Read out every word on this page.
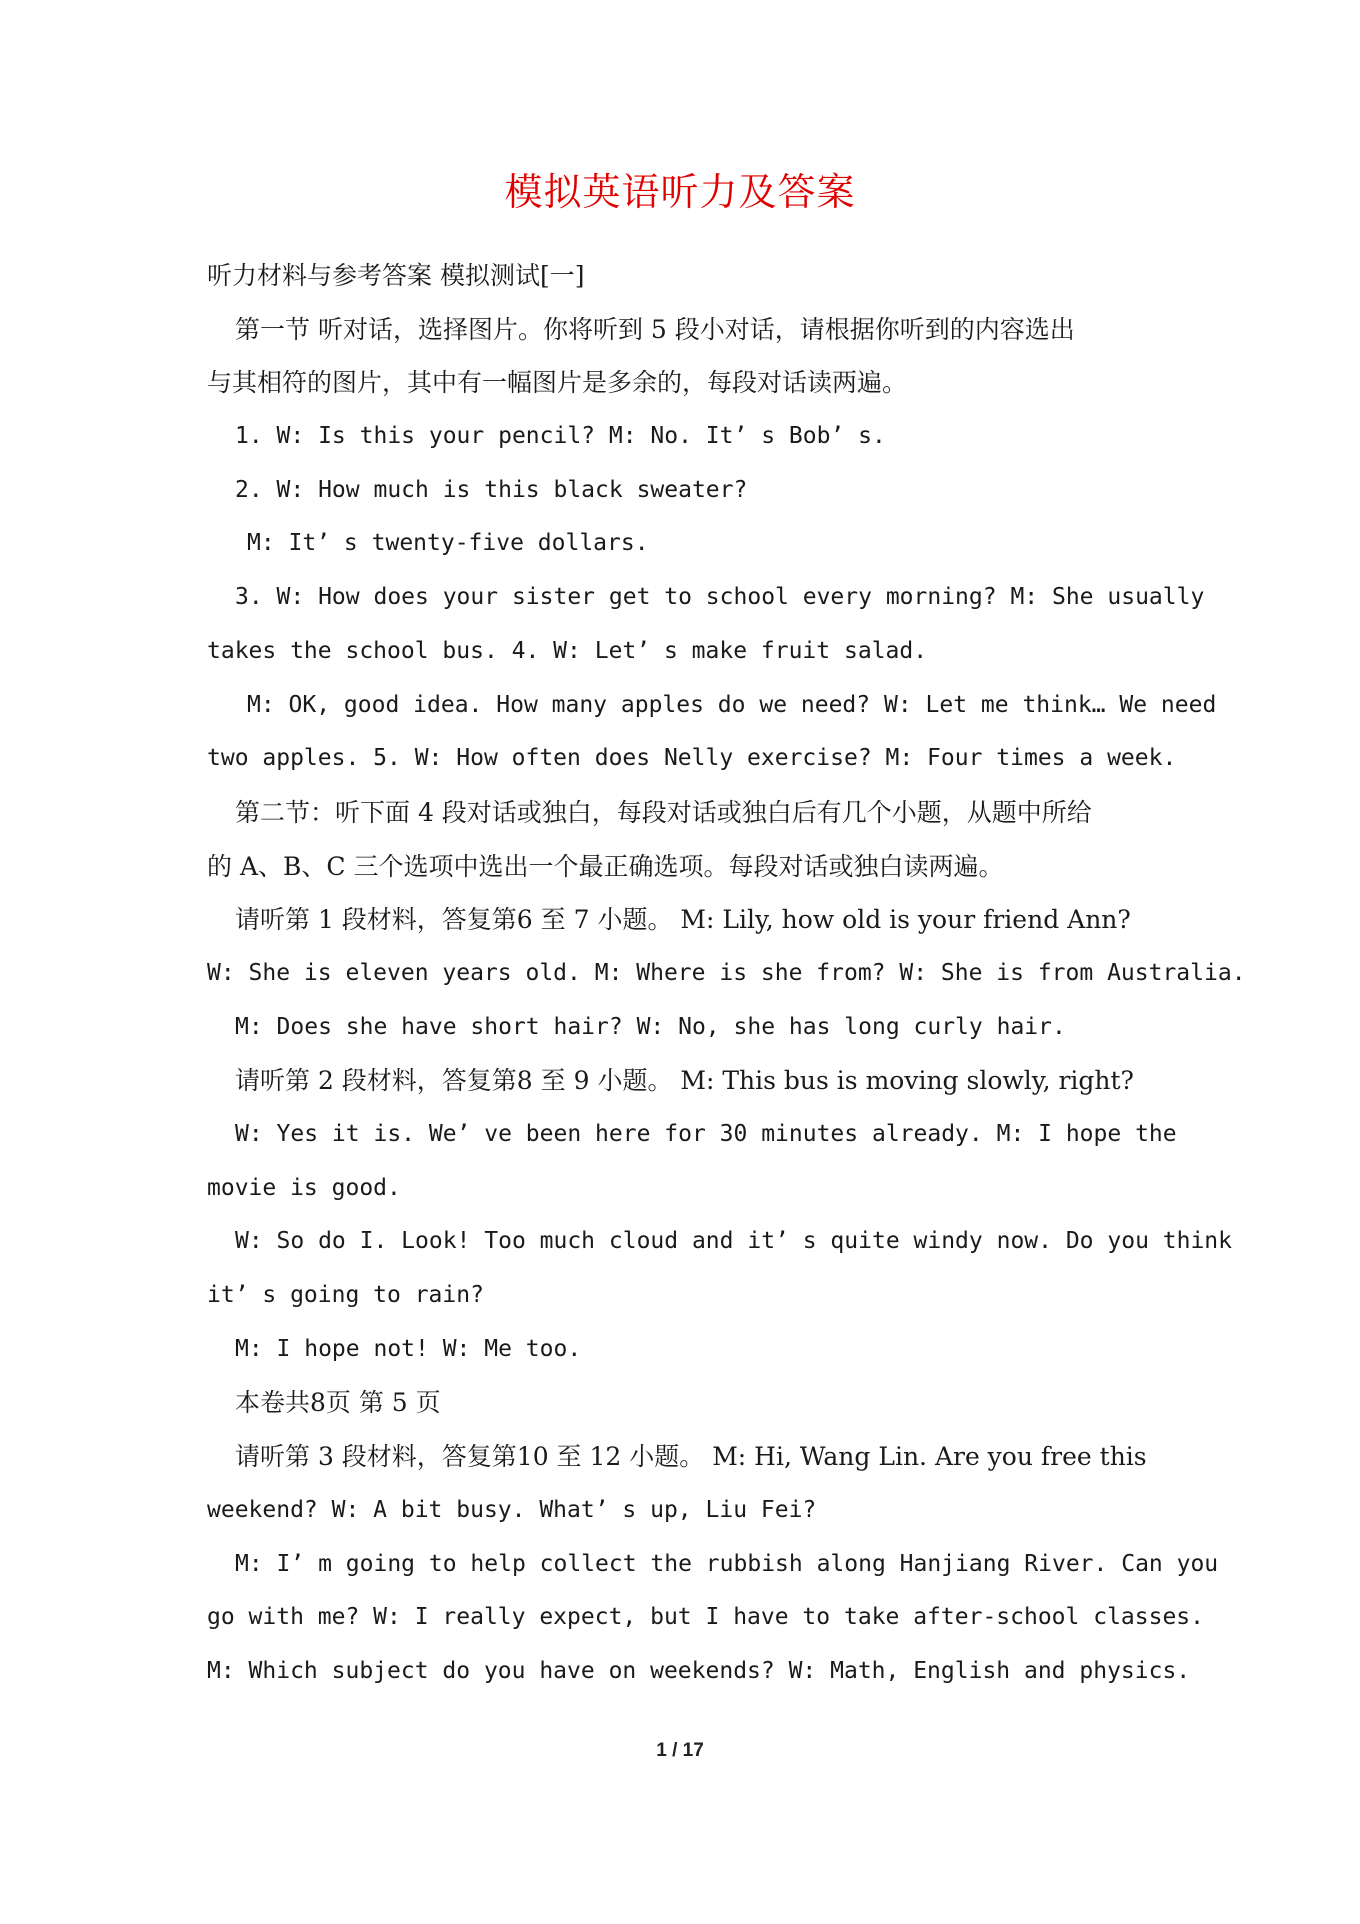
模拟英语听力及答案
听力材料与参考答案 模拟测试[一]
第一节 听对话，选择图片。你将听到 5 段小对话，请根据你听到的内容选出
与其相符的图片，其中有一幅图片是多余的，每段对话读两遍。
1. W: Is this your pencil? M: No. It’ s Bob’ s.
2. W: How much is this black sweater?
M: It’ s twenty-five dollars.
3. W: How does your sister get to school every morning? M: She usually
takes the school bus. 4. W: Let’ s make fruit salad.
M: OK, good idea. How many apples do we need? W: Let me think… We need
two apples. 5. W: How often does Nelly exercise? M: Four times a week.
第二节：听下面 4 段对话或独白，每段对话或独白后有几个小题，从题中所给
的 A、B、C 三个选项中选出一个最正确选项。每段对话或独白读两遍。
请听第 1 段材料，答复第6 至 7 小题。 M: Lily, how old is your friend Ann?
W: She is eleven years old. M: Where is she from? W: She is from Australia.
M: Does she have short hair? W: No, she has long curly hair.
请听第 2 段材料，答复第8 至 9 小题。 M: This bus is moving slowly, right?
W: Yes it is. We’ ve been here for 30 minutes already. M: I hope the
movie is good.
W: So do I. Look! Too much cloud and it’ s quite windy now. Do you think
it’ s going to rain?
M: I hope not! W: Me too.
本卷共8页 第 5 页
请听第 3 段材料，答复第10 至 12 小题。 M: Hi, Wang Lin. Are you free this
weekend? W: A bit busy. What’ s up, Liu Fei?
M: I’ m going to help collect the rubbish along Hanjiang River. Can you
go with me? W: I really expect, but I have to take after-school classes.
M: Which subject do you have on weekends? W: Math, English and physics.
1 / 17
